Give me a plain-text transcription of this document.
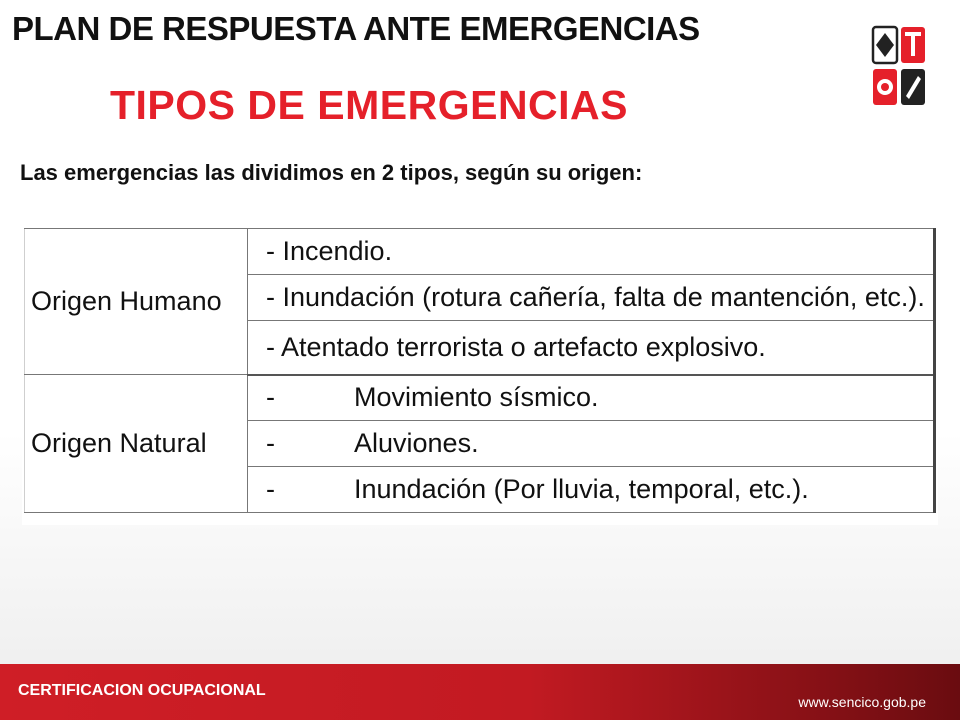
PLAN DE RESPUESTA ANTE EMERGENCIAS
TIPOS DE EMERGENCIAS
Las emergencias las dividimos en 2 tipos, según su origen:
Origen Humano	- Incendio.
	- Inundación (rotura cañería, falta de mantención, etc.).
	- Atentado terrorista o artefacto explosivo.
Origen Natural	- Movimiento sísmico.
	- Aluviones.
	- Inundación (Por lluvia, temporal, etc.).
CERTIFICACION OCUPACIONAL
www.sencico.gob.pe
